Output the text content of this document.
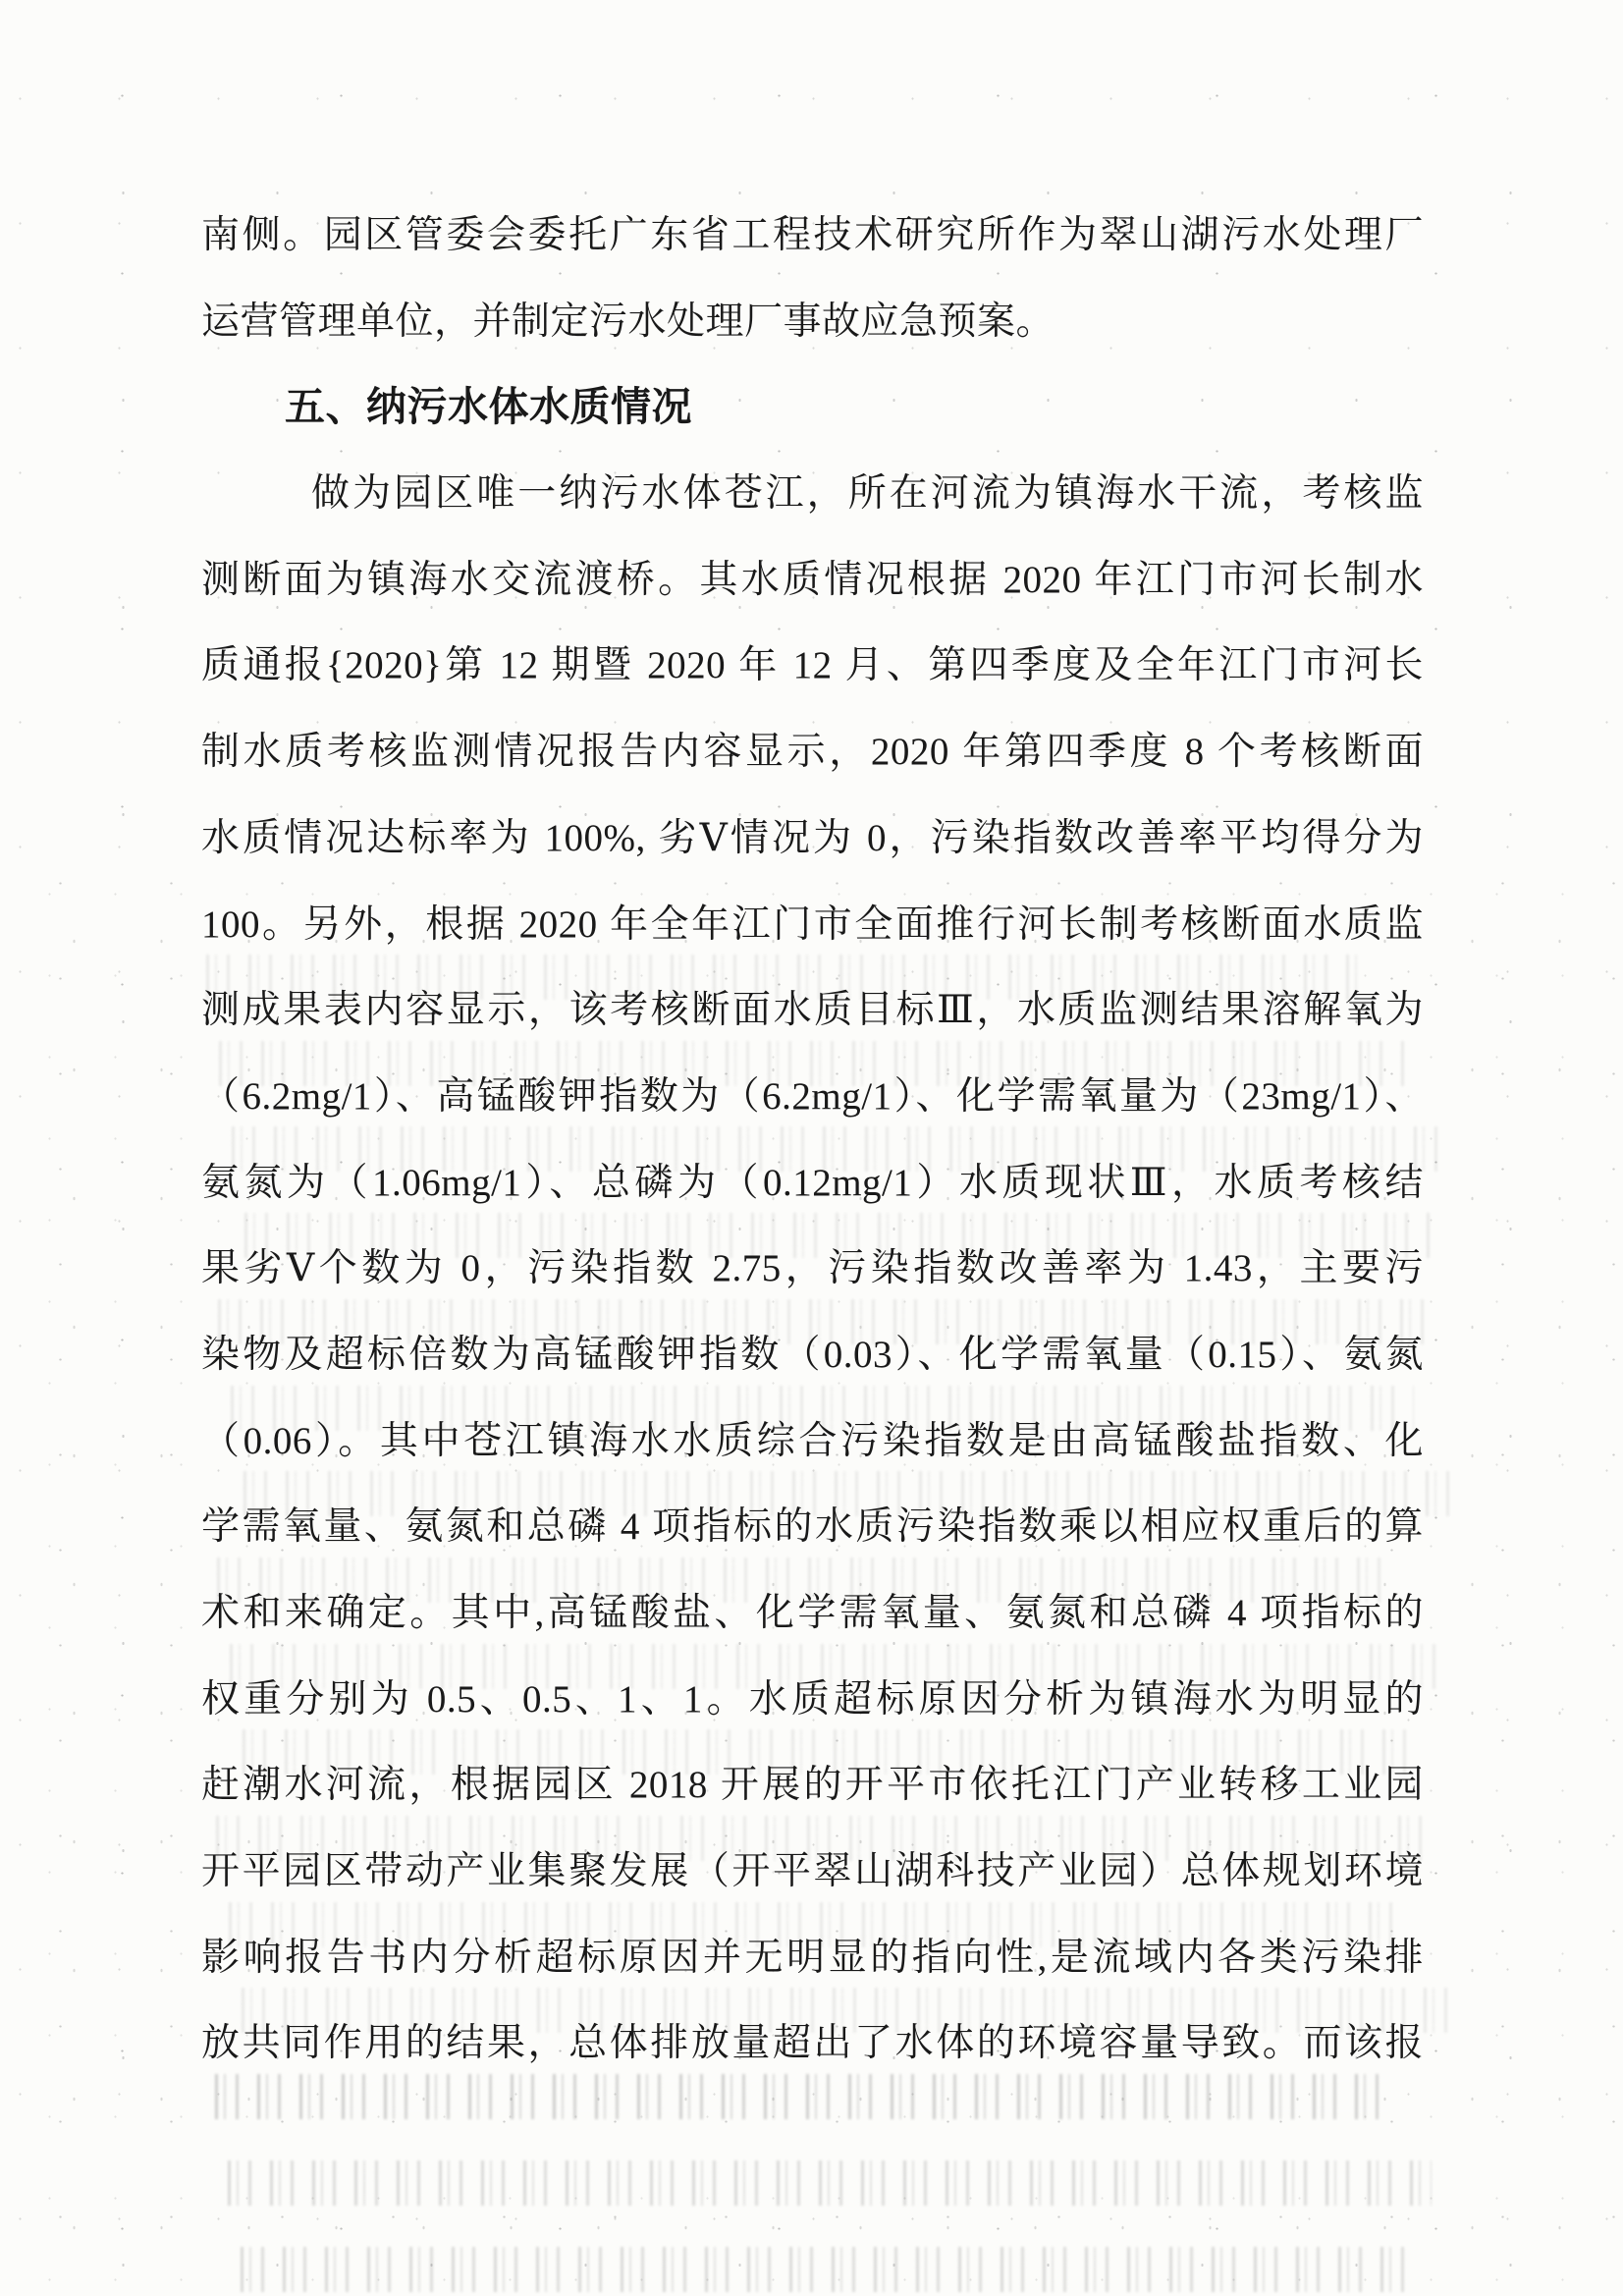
南侧。园区管委会委托广东省工程技术研究所作为翠山湖污水处理厂
运营管理单位，并制定污水处理厂事故应急预案。
五、纳污水体水质情况
做为园区唯一纳污水体苍江，所在河流为镇海水干流，考核监
测断面为镇海水交流渡桥。其水质情况根据 2020 年江门市河长制水
质通报{2020}第 12 期暨 2020 年 12 月、第四季度及全年江门市河长
制水质考核监测情况报告内容显示，2020 年第四季度 8 个考核断面
水质情况达标率为 100%, 劣Ⅴ情况为 0，污染指数改善率平均得分为
100。另外，根据 2020 年全年江门市全面推行河长制考核断面水质监
测成果表内容显示，该考核断面水质目标Ⅲ，水质监测结果溶解氧为
（6.2mg/1）、高锰酸钾指数为（6.2mg/1）、化学需氧量为（23mg/1）、
氨氮为（1.06mg/1）、总磷为（0.12mg/1）水质现状Ⅲ，水质考核结
果劣Ⅴ个数为 0，污染指数 2.75，污染指数改善率为 1.43，主要污
染物及超标倍数为高锰酸钾指数（0.03）、化学需氧量（0.15）、氨氮
（0.06）。其中苍江镇海水水质综合污染指数是由高锰酸盐指数、化
学需氧量、氨氮和总磷 4 项指标的水质污染指数乘以相应权重后的算
术和来确定。其中,高锰酸盐、化学需氧量、氨氮和总磷 4 项指标的
权重分别为 0.5、0.5、1、1。水质超标原因分析为镇海水为明显的
赶潮水河流，根据园区 2018 开展的开平市依托江门产业转移工业园
开平园区带动产业集聚发展（开平翠山湖科技产业园）总体规划环境
影响报告书内分析超标原因并无明显的指向性,是流域内各类污染排
放共同作用的结果，总体排放量超出了水体的环境容量导致。而该报
